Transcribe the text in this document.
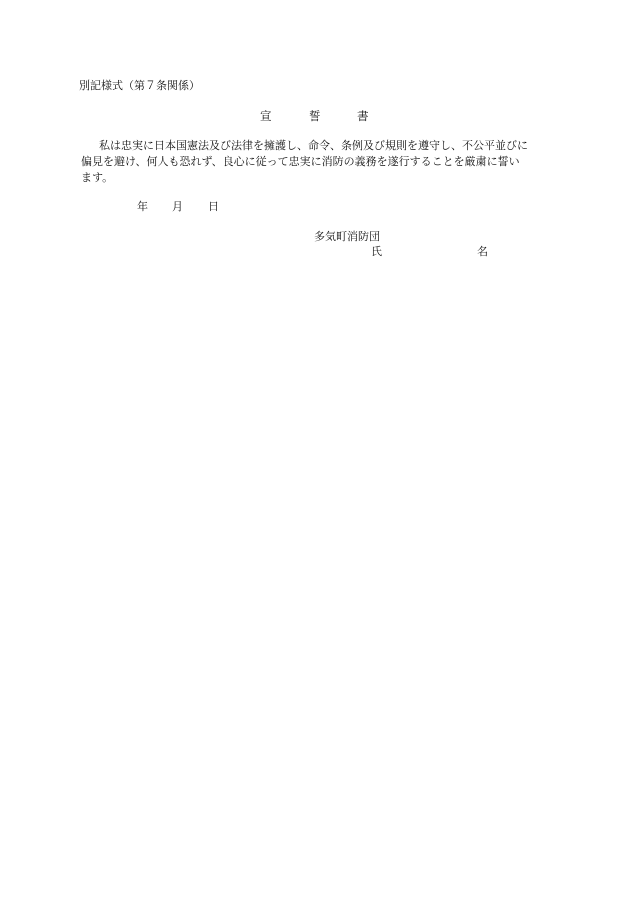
別記様式（第７条関係）
宣	誓	書
私は忠実に日本国憲法及び法律を擁護し、命令、条例及び規則を遵守し、不公平並びに
偏見を避け、何人も恐れず、良心に従って忠実に消防の義務を遂行することを厳粛に誓い
ます。
年 月 日
多気町消防団
氏	名
